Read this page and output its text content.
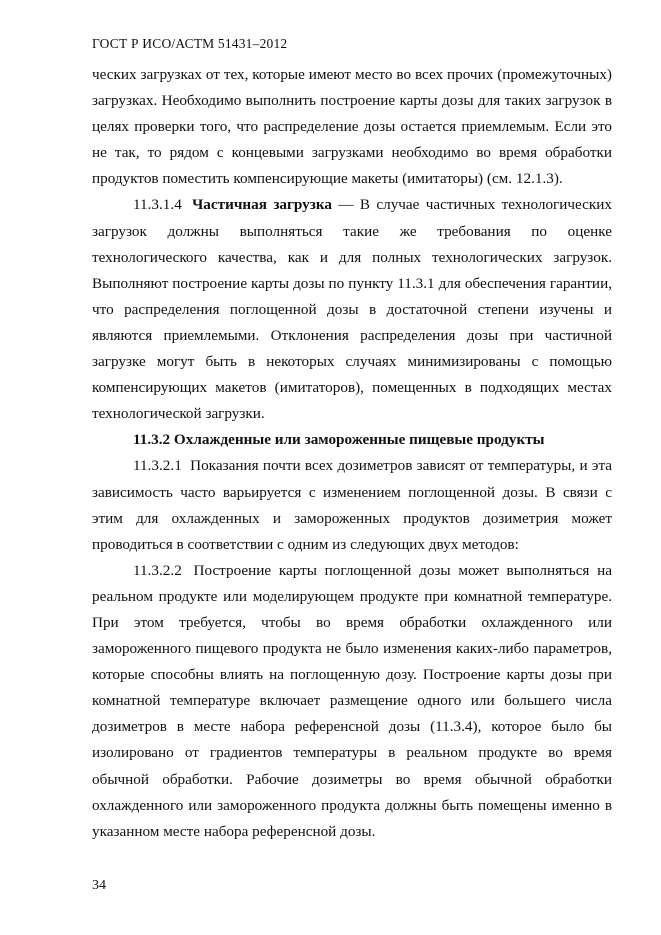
ГОСТ Р ИСО/АСТМ 51431–2012

ческих загрузках от тех, которые имеют место во всех прочих (промежуточных) загрузках. Необходимо выполнить построение карты дозы для таких загрузок в целях проверки того, что распределение дозы остается приемлемым. Если это не так, то рядом с концевыми загрузками необходимо во время обработки продуктов поместить компенсирующие макеты (имитаторы) (см. 12.1.3).

11.3.1.4 Частичная загрузка — В случае частичных технологических загрузок должны выполняться такие же требования по оценке технологического качества, как и для полных технологических загрузок. Выполняют построение карты дозы по пункту 11.3.1 для обеспечения гарантии, что распределения поглощенной дозы в достаточной степени изучены и являются приемлемыми. Отклонения распределения дозы при частичной загрузке могут быть в некоторых случаях минимизированы с помощью компенсирующих макетов (имитаторов), помещенных в подходящих местах технологической загрузки.

11.3.2 Охлажденные или замороженные пищевые продукты

11.3.2.1 Показания почти всех дозиметров зависят от температуры, и эта зависимость часто варьируется с изменением поглощенной дозы. В связи с этим для охлажденных и замороженных продуктов дозиметрия может проводиться в соответствии с одним из следующих двух методов:

11.3.2.2 Построение карты поглощенной дозы может выполняться на реальном продукте или моделирующем продукте при комнатной температуре. При этом требуется, чтобы во время обработки охлажденного или замороженного пищевого продукта не было изменения каких-либо параметров, которые способны влиять на поглощенную дозу. Построение карты дозы при комнатной температуре включает размещение одного или большего числа дозиметров в месте набора референсной дозы (11.3.4), которое было бы изолировано от градиентов температуры в реальном продукте во время обычной обработки. Рабочие дозиметры во время обычной обработки охлажденного или замороженного продукта должны быть помещены именно в указанном месте набора референсной дозы.

34
